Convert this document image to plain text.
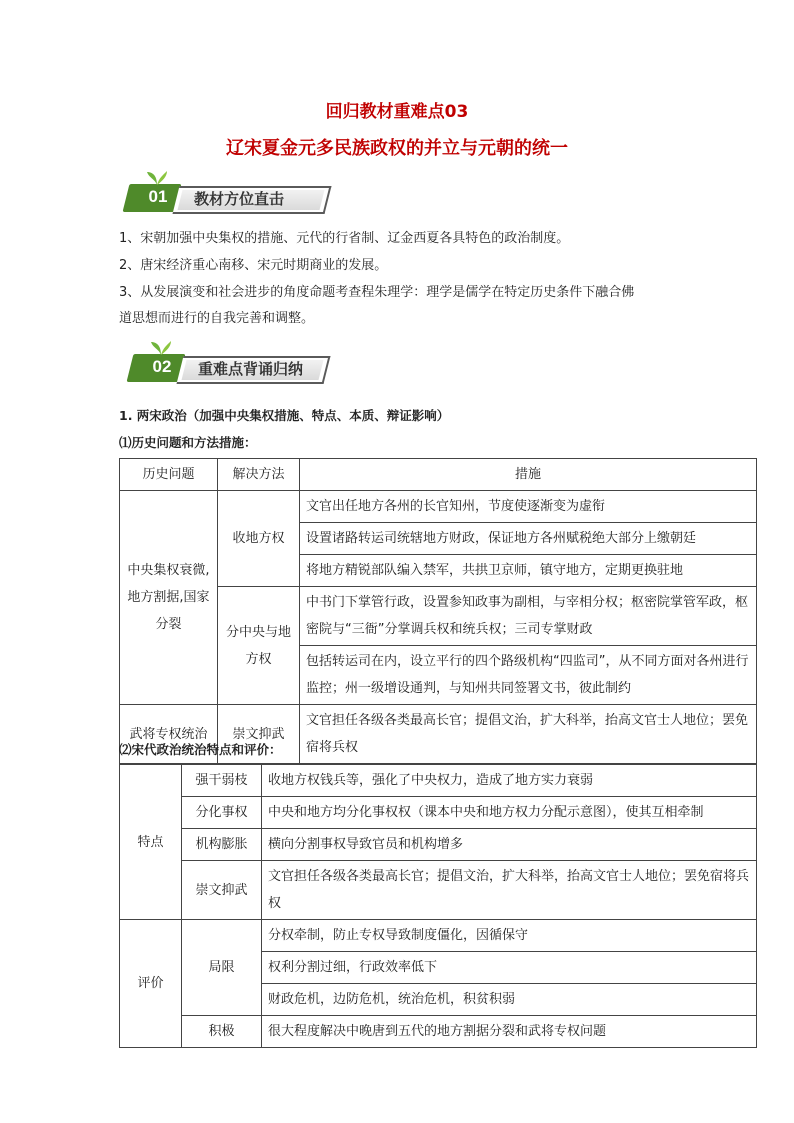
回归教材重难点03
辽宋夏金元多民族政权的并立与元朝的统一
01	教材方位直击
1、宋朝加强中央集权的措施、元代的行省制、辽金西夏各具特色的政治制度。
2、唐宋经济重心南移、宋元时期商业的发展。
3、从发展演变和社会进步的角度命题考查程朱理学：理学是儒学在特定历史条件下融合佛
道思想而进行的自我完善和调整。
02	重难点背诵归纳
1. 两宋政治（加强中央集权措施、特点、本质、辩证影响）
⑴历史问题和方法措施：
历史问题	解决方法	措施
中央集权衰微,地方割据,国家分裂	收地方权	文官出任地方各州的长官知州，节度使逐渐变为虚衔
		设置诸路转运司统辖地方财政，保证地方各州赋税绝大部分上缴朝廷
		将地方精锐部队编入禁军，共拱卫京师，镇守地方，定期更换驻地
	分中央与地方权	中书门下掌管行政，设置参知政事为副相，与宰相分权；枢密院掌管军政，枢密院与“三衙”分掌调兵权和统兵权；三司专掌财政
		包括转运司在内，设立平行的四个路级机构“四监司”，从不同方面对各州进行监控；州一级增设通判，与知州共同签署文书，彼此制约
武将专权统治	崇文抑武	文官担任各级各类最高长官；提倡文治，扩大科举，抬高文官士人地位；罢免宿将兵权
⑵宋代政治统治特点和评价：
特点	强干弱枝	收地方权钱兵等，强化了中央权力，造成了地方实力衰弱
	分化事权	中央和地方均分化事权权（课本中央和地方权力分配示意图），使其互相牵制
	机构膨胀	横向分割事权导致官员和机构增多
	崇文抑武	文官担任各级各类最高长官；提倡文治，扩大科举，抬高文官士人地位；罢免宿将兵权
评价	局限	分权牵制，防止专权导致制度僵化，因循保守
		权利分割过细，行政效率低下
		财政危机，边防危机，统治危机，积贫积弱
	积极	很大程度解决中晚唐到五代的地方割据分裂和武将专权问题
